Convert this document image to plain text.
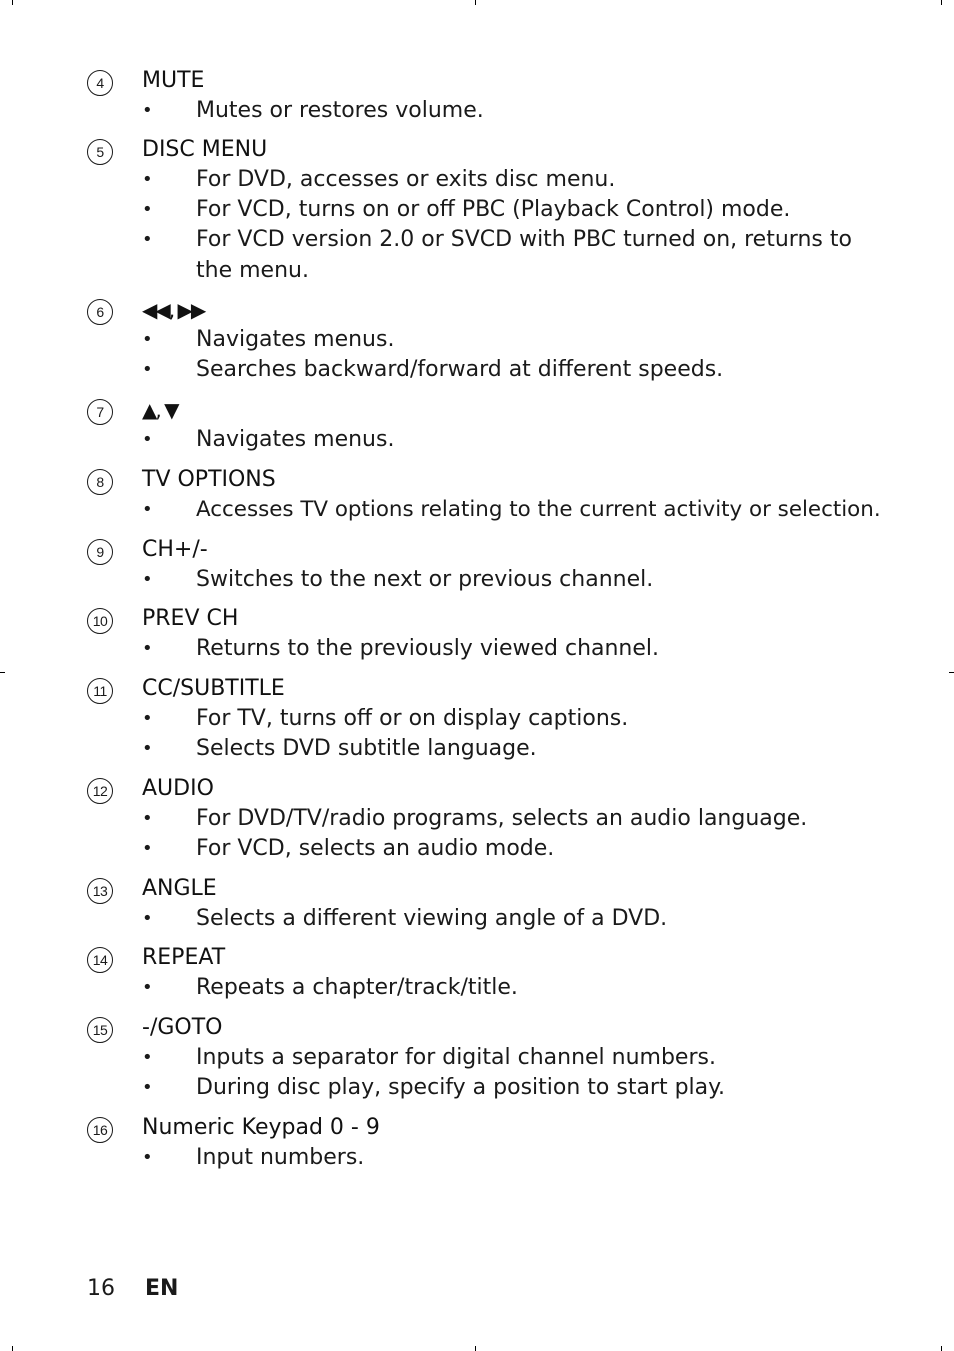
4	MUTE
• Mutes or restores volume.
5	DISC MENU
• For DVD, accesses or exits disc menu.
• For VCD, turns on or off PBC (Playback Control) mode.
• For VCD version 2.0 or SVCD with PBC turned on, returns to the menu.
6	◀◀, ▶▶
• Navigates menus.
• Searches backward/forward at different speeds.
7	▲, ▼
• Navigates menus.
8	TV OPTIONS
• Accesses TV options relating to the current activity or selection.
9	CH+/-
• Switches to the next or previous channel.
10 PREV CH
• Returns to the previously viewed channel.
11 CC/SUBTITLE
• For TV, turns off or on display captions.
• Selects DVD subtitle language.
12 AUDIO
• For DVD/TV/radio programs, selects an audio language.
• For VCD, selects an audio mode.
13 ANGLE
• Selects a different viewing angle of a DVD.
14 REPEAT
• Repeats a chapter/track/title.
15 -/GOTO
• Inputs a separator for digital channel numbers.
• During disc play, specify a position to start play.
16 Numeric Keypad 0 - 9
• Input numbers.
16 EN
